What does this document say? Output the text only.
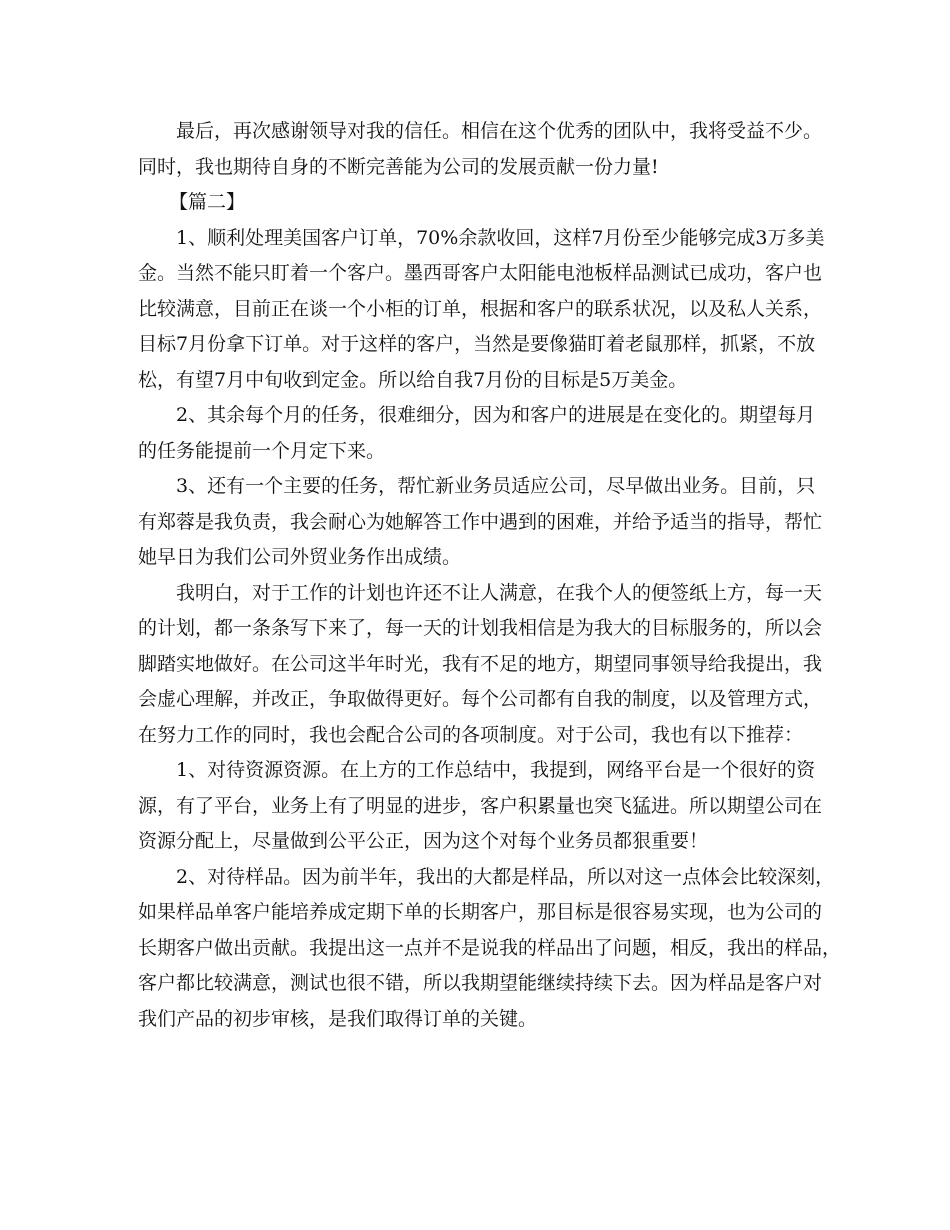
最后，再次感谢领导对我的信任。相信在这个优秀的团队中，我将受益不少。

同时，我也期待自身的不断完善能为公司的发展贡献一份力量!

【篇二】

1、顺利处理美国客户订单，70%余款收回，这样7月份至少能够完成3万多美

金。当然不能只盯着一个客户。墨西哥客户太阳能电池板样品测试已成功，客户也

比较满意，目前正在谈一个小柜的订单，根据和客户的联系状况，以及私人关系，

目标7月份拿下订单。对于这样的客户，当然是要像猫盯着老鼠那样，抓紧，不放

松，有望7月中旬收到定金。所以给自我7月份的目标是5万美金。

2、其余每个月的任务，很难细分，因为和客户的进展是在变化的。期望每月

的任务能提前一个月定下来。

3、还有一个主要的任务，帮忙新业务员适应公司，尽早做出业务。目前，只

有郑蓉是我负责，我会耐心为她解答工作中遇到的困难，并给予适当的指导，帮忙

她早日为我们公司外贸业务作出成绩。

我明白，对于工作的计划也许还不让人满意，在我个人的便签纸上方，每一天

的计划，都一条条写下来了，每一天的计划我相信是为我大的目标服务的，所以会

脚踏实地做好。在公司这半年时光，我有不足的地方，期望同事领导给我提出，我

会虚心理解，并改正，争取做得更好。每个公司都有自我的制度，以及管理方式，

在努力工作的同时，我也会配合公司的各项制度。对于公司，我也有以下推荐：

1、对待资源资源。在上方的工作总结中，我提到，网络平台是一个很好的资

源，有了平台，业务上有了明显的进步，客户积累量也突飞猛进。所以期望公司在

资源分配上，尽量做到公平公正，因为这个对每个业务员都狠重要！

2、对待样品。因为前半年，我出的大都是样品，所以对这一点体会比较深刻，

如果样品单客户能培养成定期下单的长期客户，那目标是很容易实现，也为公司的

长期客户做出贡献。我提出这一点并不是说我的样品出了问题，相反，我出的样品，

客户都比较满意，测试也很不错，所以我期望能继续持续下去。因为样品是客户对

我们产品的初步审核，是我们取得订单的关键。
